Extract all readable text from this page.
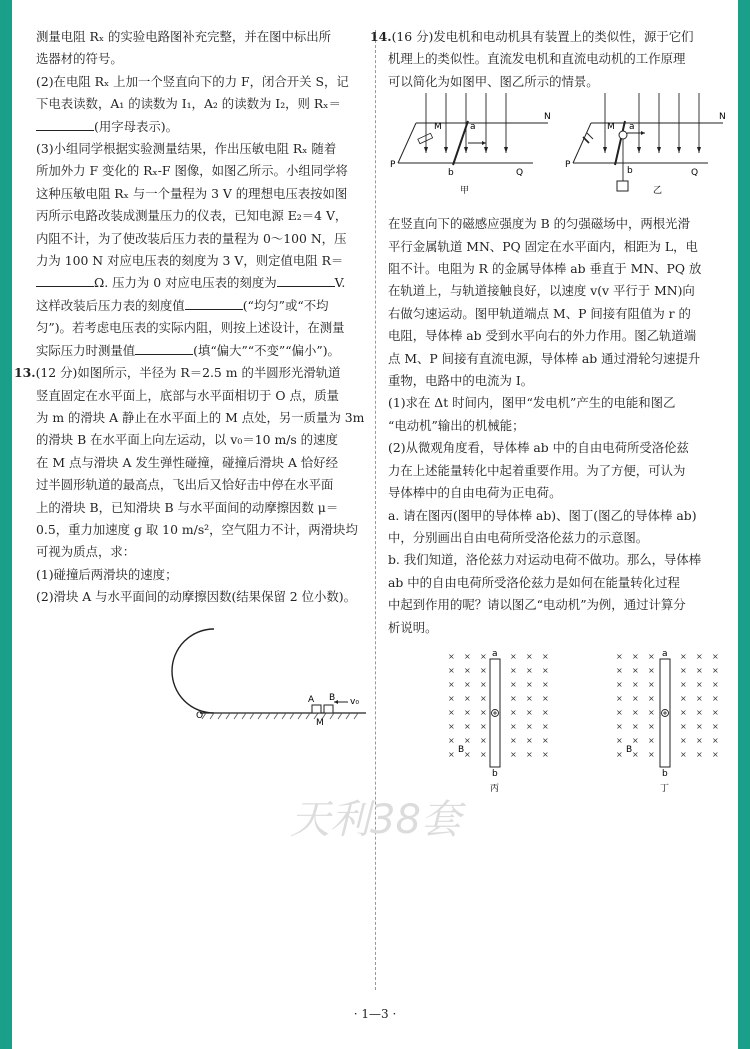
测量电阻 Rₓ 的实验电路图补充完整，并在图中标出所

选器材的符号。

(2)在电阻 Rₓ 上加一个竖直向下的力 F，闭合开关 S，记

下电表读数，A₁ 的读数为 I₁，A₂ 的读数为 I₂，则 Rₓ＝

(用字母表示)。

(3)小组同学根据实验测量结果，作出压敏电阻 Rₓ 随着

所加外力 F 变化的 Rₓ-F 图像，如图乙所示。小组同学将

这种压敏电阻 Rₓ 与一个量程为 3 V 的理想电压表按如图

丙所示电路改装成测量压力的仪表，已知电源 E₂＝4 V，

内阻不计，为了使改装后压力表的量程为 0～100 N，压

力为 100 N 对应电压表的刻度为 3 V，则定值电阻 R＝

Ω. 压力为 0 对应电压表的刻度为	V.

这样改装后压力表的刻度值	(“均匀”或“不均

匀”)。若考虑电压表的实际内阻，则按上述设计，在测量

实际压力时测量值	(填“偏大”“不变”“偏小”)。

13.(12 分)如图所示，半径为 R＝2.5 m 的半圆形光滑轨道

竖直固定在水平面上，底部与水平面相切于 O 点，质量

为 m 的滑块 A 静止在水平面上的 M 点处，另一质量为 3m

的滑块 B 在水平面上向左运动，以 v₀＝10 m/s 的速度

在 M 点与滑块 A 发生弹性碰撞，碰撞后滑块 A 恰好经

过半圆形轨道的最高点，飞出后又恰好击中停在水平面

上的滑块 B，已知滑块 B 与水平面间的动摩擦因数 μ＝

0.5，重力加速度 g 取 10 m/s²，空气阻力不计，两滑块均

可视为质点，求：

(1)碰撞后两滑块的速度；

(2)滑块 A 与水平面间的动摩擦因数(结果保留 2 位小数)。

A B v₀
O
M

14.(16 分)发电机和电动机具有装置上的类似性，源于它们

机理上的类似性。直流发电机和直流电动机的工作原理

可以简化为如图甲、图乙所示的情景。

M
N
P
Q
a
b
甲
M
N
P
Q
a
b
乙

在竖直向下的磁感应强度为 B 的匀强磁场中，两根光滑

平行金属轨道 MN、PQ 固定在水平面内，相距为 L，电

阻不计。电阻为 R 的金属导体棒 ab 垂直于 MN、PQ 放

在轨道上，与轨道接触良好，以速度 v(v 平行于 MN)向

右做匀速运动。图甲轨道端点 M、P 间接有阻值为 r 的

电阻，导体棒 ab 受到水平向右的外力作用。图乙轨道端

点 M、P 间接有直流电源，导体棒 ab 通过滑轮匀速提升

重物，电路中的电流为 I。

(1)求在 Δt 时间内，图甲“发电机”产生的电能和图乙

“电动机”输出的机械能；

(2)从微观角度看，导体棒 ab 中的自由电荷所受洛伦兹

力在上述能量转化中起着重要作用。为了方便，可认为

导体棒中的自由电荷为正电荷。

a. 请在图丙(图甲的导体棒 ab)、图丁(图乙的导体棒 ab)

中，分别画出自由电荷所受洛伦兹力的示意图。

b. 我们知道，洛伦兹力对运动电荷不做功。那么，导体棒

ab 中的自由电荷所受洛伦兹力是如何在能量转化过程

中起到作用的呢？请以图乙“电动机”为例，通过计算分

析说明。

a
b
B
丙
a
b
B
丁
×
×
×
×
×
×
×
×
×
×
×
×
×
×
×
×
×
×
×
×
×
×
×
×
×
×
×
×
×
×
×
×
×
×
×
×
×
×
×
×
×
×
×
×
×
×
×
×
×
×
×
×
×
×
×
×
×
×
×
×
×
×
×
×
×
×
×
×
×
×
×
×
×
×
×
×
×
×
×
×
×
×
×
×
×
×
×
×
×
×
×
×
×
×
×
×
天利38套
· 1—3 ·
